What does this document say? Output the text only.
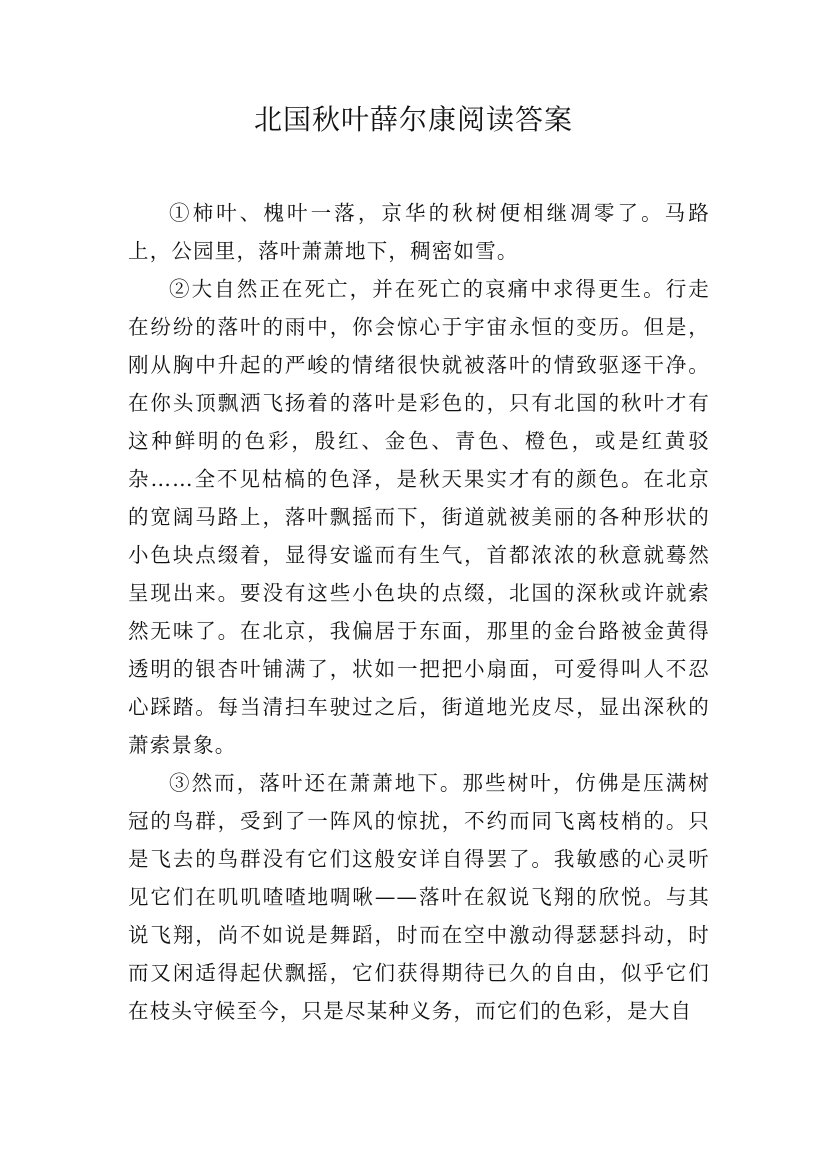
北国秋叶薛尔康阅读答案

①柿叶、槐叶一落，京华的秋树便相继凋零了。马路上，公园里，落叶萧萧地下，稠密如雪。

②大自然正在死亡，并在死亡的哀痛中求得更生。行走在纷纷的落叶的雨中，你会惊心于宇宙永恒的变历。但是，刚从胸中升起的严峻的情绪很快就被落叶的情致驱逐干净。在你头顶飘洒飞扬着的落叶是彩色的，只有北国的秋叶才有这种鲜明的色彩，殷红、金色、青色、橙色，或是红黄驳杂……全不见枯槁的色泽，是秋天果实才有的颜色。在北京的宽阔马路上，落叶飘摇而下，街道就被美丽的各种形状的小色块点缀着，显得安谧而有生气，首都浓浓的秋意就蓦然呈现出来。要没有这些小色块的点缀，北国的深秋或许就索然无味了。在北京，我偏居于东面，那里的金台路被金黄得透明的银杏叶铺满了，状如一把把小扇面，可爱得叫人不忍心踩踏。每当清扫车驶过之后，街道地光皮尽，显出深秋的萧索景象。

③然而，落叶还在萧萧地下。那些树叶，仿佛是压满树冠的鸟群，受到了一阵风的惊扰，不约而同飞离枝梢的。只是飞去的鸟群没有它们这般安详自得罢了。我敏感的心灵听见它们在叽叽喳喳地啁啾——落叶在叙说飞翔的欣悦。与其说飞翔，尚不如说是舞蹈，时而在空中激动得瑟瑟抖动，时而又闲适得起伏飘摇，它们获得期待已久的自由，似乎它们在枝头守候至今，只是尽某种义务，而它们的色彩，是大自
